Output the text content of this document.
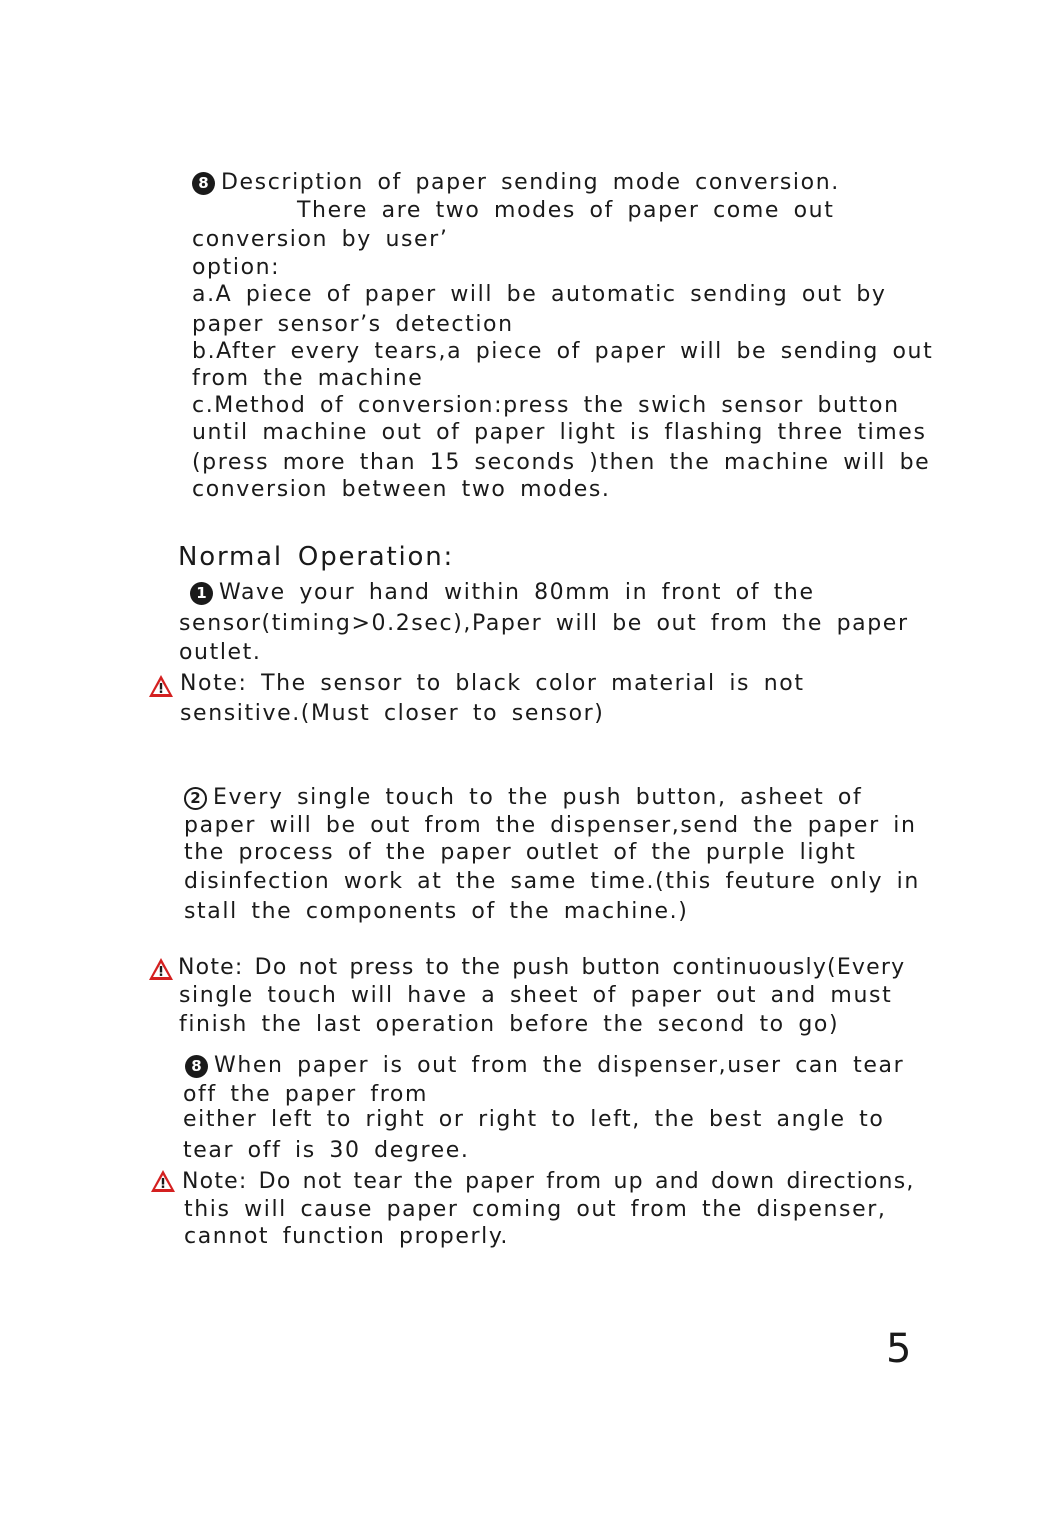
8 Description of paper sending mode conversion.
There are two modes of paper come out
conversion by user’
option:
a.A piece of paper will be automatic sending out by
paper sensor’s detection
b.After every tears,a piece of paper will be sending out
from the machine
c.Method of conversion:press the swich sensor button
until machine out of paper light is flashing three times
(press more than 15 seconds )then the machine will be
conversion between two modes.
Normal Operation:
1 Wave your hand within 80mm in front of the
sensor(timing>0.2sec),Paper will be out from the paper
outlet.
Note: The sensor to black color material is not
sensitive.(Must closer to sensor)
2 Every single touch to the push button, asheet of
paper will be out from the dispenser,send the paper in
the process of the paper outlet of the purple light
disinfection work at the same time.(this feuture only in
stall the components of the machine.)
Note: Do not press to the push button continuously(Every
single touch will have a sheet of paper out and must
finish the last operation before the second to go)
8 When paper is out from the dispenser,user can tear
off the paper from
either left to right or right to left, the best angle to
tear off is 30 degree.
Note: Do not tear the paper from up and down directions,
this will cause paper coming out from the dispenser,
cannot function properly.
5
